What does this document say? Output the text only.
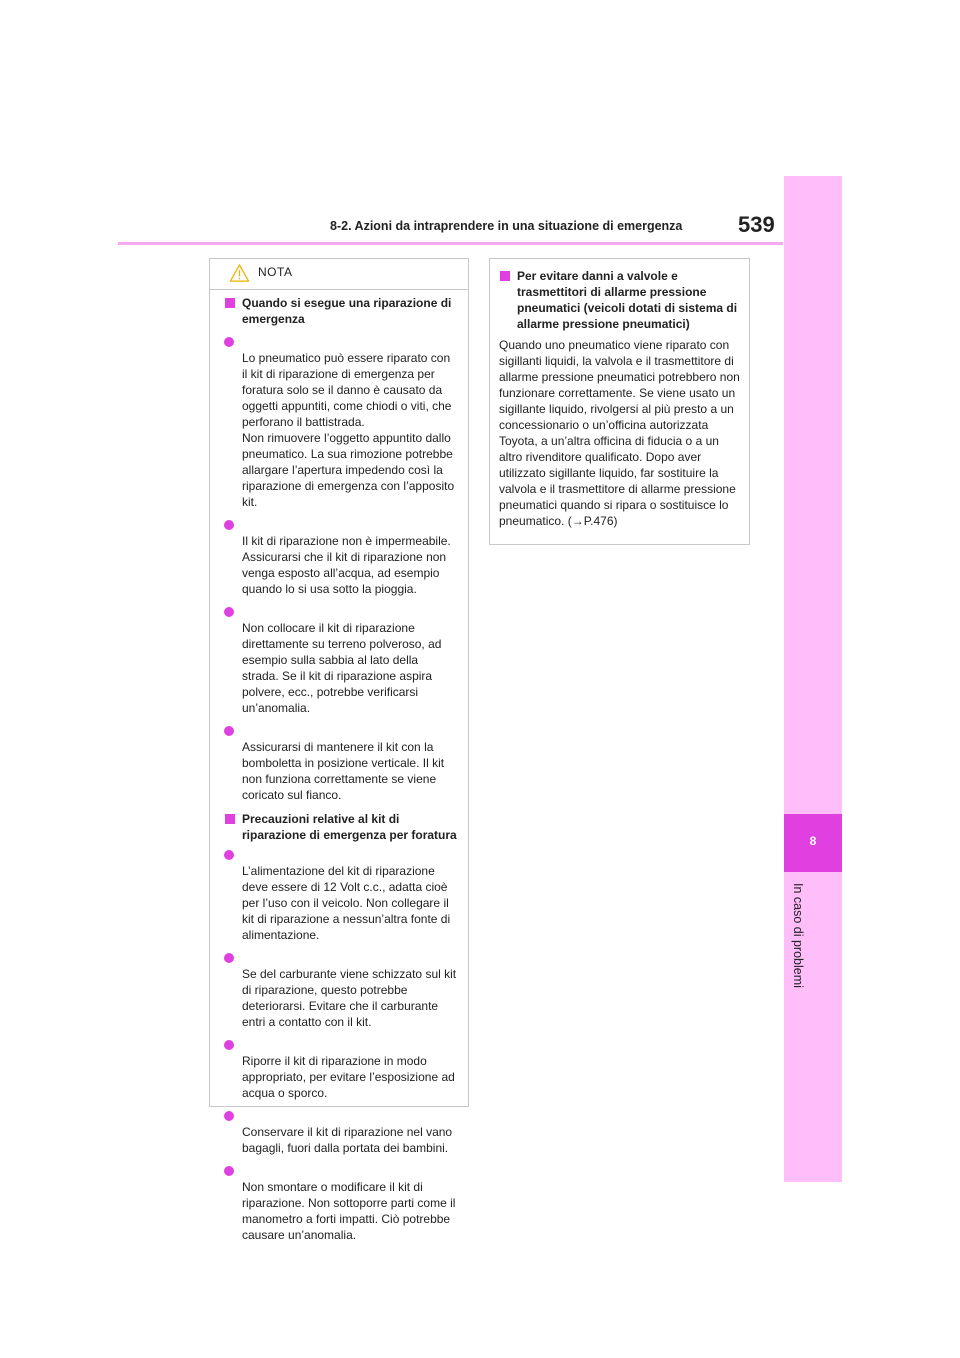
8
In caso di problemi
8-2. Azioni da intraprendere in una situazione di emergenza	539
NOTA
Quando si esegue una riparazione di emergenza

Lo pneumatico può essere riparato con il kit di riparazione di emergenza per foratura solo se il danno è causato da oggetti appuntiti, come chiodi o viti, che perforano il battistrada.
Non rimuovere l’oggetto appuntito dallo pneumatico. La sua rimozione potrebbe allargare l’apertura impedendo così la riparazione di emergenza con l’apposito kit.

Il kit di riparazione non è impermeabile. Assicurarsi che il kit di riparazione non venga esposto all’acqua, ad esempio quando lo si usa sotto la pioggia.

Non collocare il kit di riparazione direttamente su terreno polveroso, ad esempio sulla sabbia al lato della strada. Se il kit di riparazione aspira polvere, ecc., potrebbe verificarsi un’anomalia.

Assicurarsi di mantenere il kit con la bomboletta in posizione verticale. Il kit non funziona correttamente se viene coricato sul fianco.

Precauzioni relative al kit di riparazione di emergenza per foratura

L’alimentazione del kit di riparazione deve essere di 12 Volt c.c., adatta cioè per l’uso con il veicolo. Non collegare il kit di riparazione a nessun’altra fonte di alimentazione.

Se del carburante viene schizzato sul kit di riparazione, questo potrebbe deteriorarsi. Evitare che il carburante entri a contatto con il kit.

Riporre il kit di riparazione in modo appropriato, per evitare l’esposizione ad acqua o sporco.

Conservare il kit di riparazione nel vano bagagli, fuori dalla portata dei bambini.

Non smontare o modificare il kit di riparazione. Non sottoporre parti come il manometro a forti impatti. Ciò potrebbe causare un’anomalia.

Per evitare danni a valvole e trasmettitori di allarme pressione pneumatici (veicoli dotati di sistema di allarme pressione pneumatici)
Quando uno pneumatico viene riparato con sigillanti liquidi, la valvola e il trasmettitore di allarme pressione pneumatici potrebbero non funzionare correttamente. Se viene usato un sigillante liquido, rivolgersi al più presto a un concessionario o un’officina autorizzata Toyota, a un’altra officina di fiducia o a un altro rivenditore qualificato. Dopo aver utilizzato sigillante liquido, far sostituire la valvola e il trasmettitore di allarme pressione pneumatici quando si ripara o sostituisce lo pneumatico. (→P.476)
